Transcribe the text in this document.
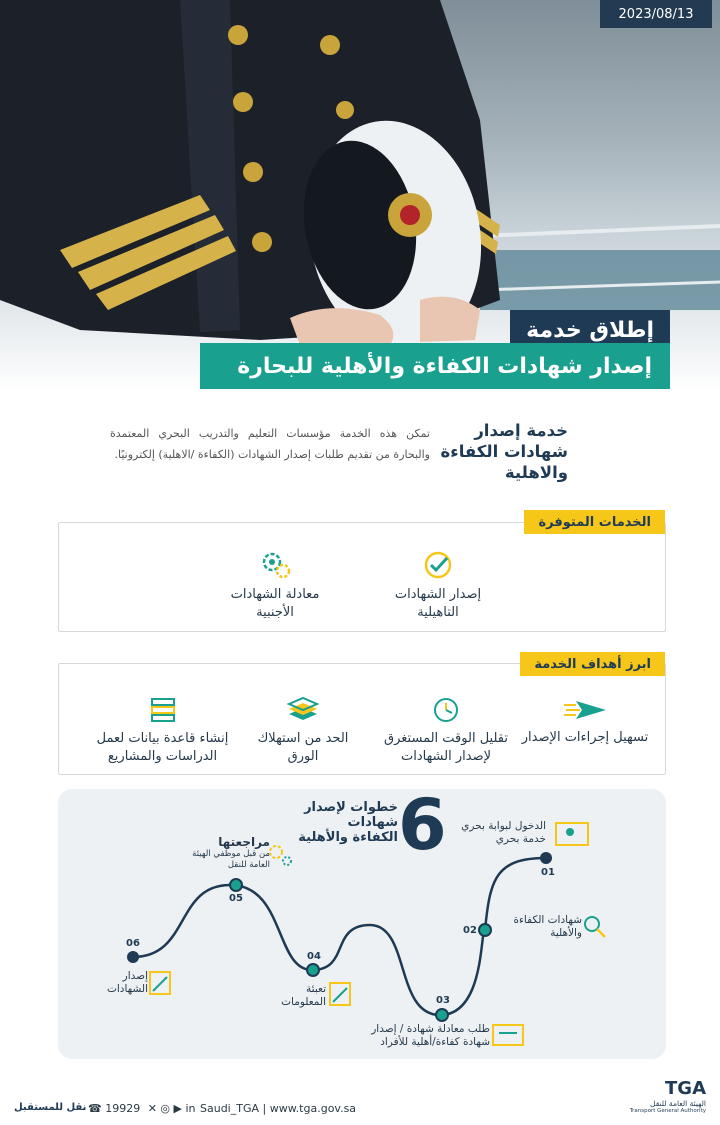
2023/08/13
إطلاق خدمة
إصدار شهادات الكفاءة والأهلية للبحارة
خدمة إصدار شهادات الكفاءة والاهلية
تمكن هذه الخدمة مؤسسات التعليم والتدريب البحري المعتمدة والبحارة من تقديم طلبات إصدار الشهادات (الكفاءة /الاهلية) إلكترونيًا.
الخدمات المتوفرة
إصدار الشهادات التاهيلية
معادلة الشهادات الأجنبية
ابرز أهداف الخدمة
تسهيل إجراءات الإصدار
تقليل الوقت المستغرق لإصدار الشهادات
الحد من استهلاك الورق
إنشاء قاعدة بيانات لعمل الدراسات والمشاريع
6
خطوات لإصدار شهادات الكفاءة والأهلية
الدخول لبوابة بحري
خدمة بحري
01
شهادات الكفاءة والأهلية
02
طلب معادلة شهادة / إصدار شهادة كفاءة/أهلية للأفراد
03
تعبئة المعلومات
04
مراجعتها
من قبل موظفي الهيئة العامة للنقل
05
إصدار الشهادات
06
نقل للمستقبل ☎ 19929 ✕ ◎ ▶ in Saudi_TGA | www.tga.gov.sa
TGA
الهيئة العامة للنقل
Transport General Authority
